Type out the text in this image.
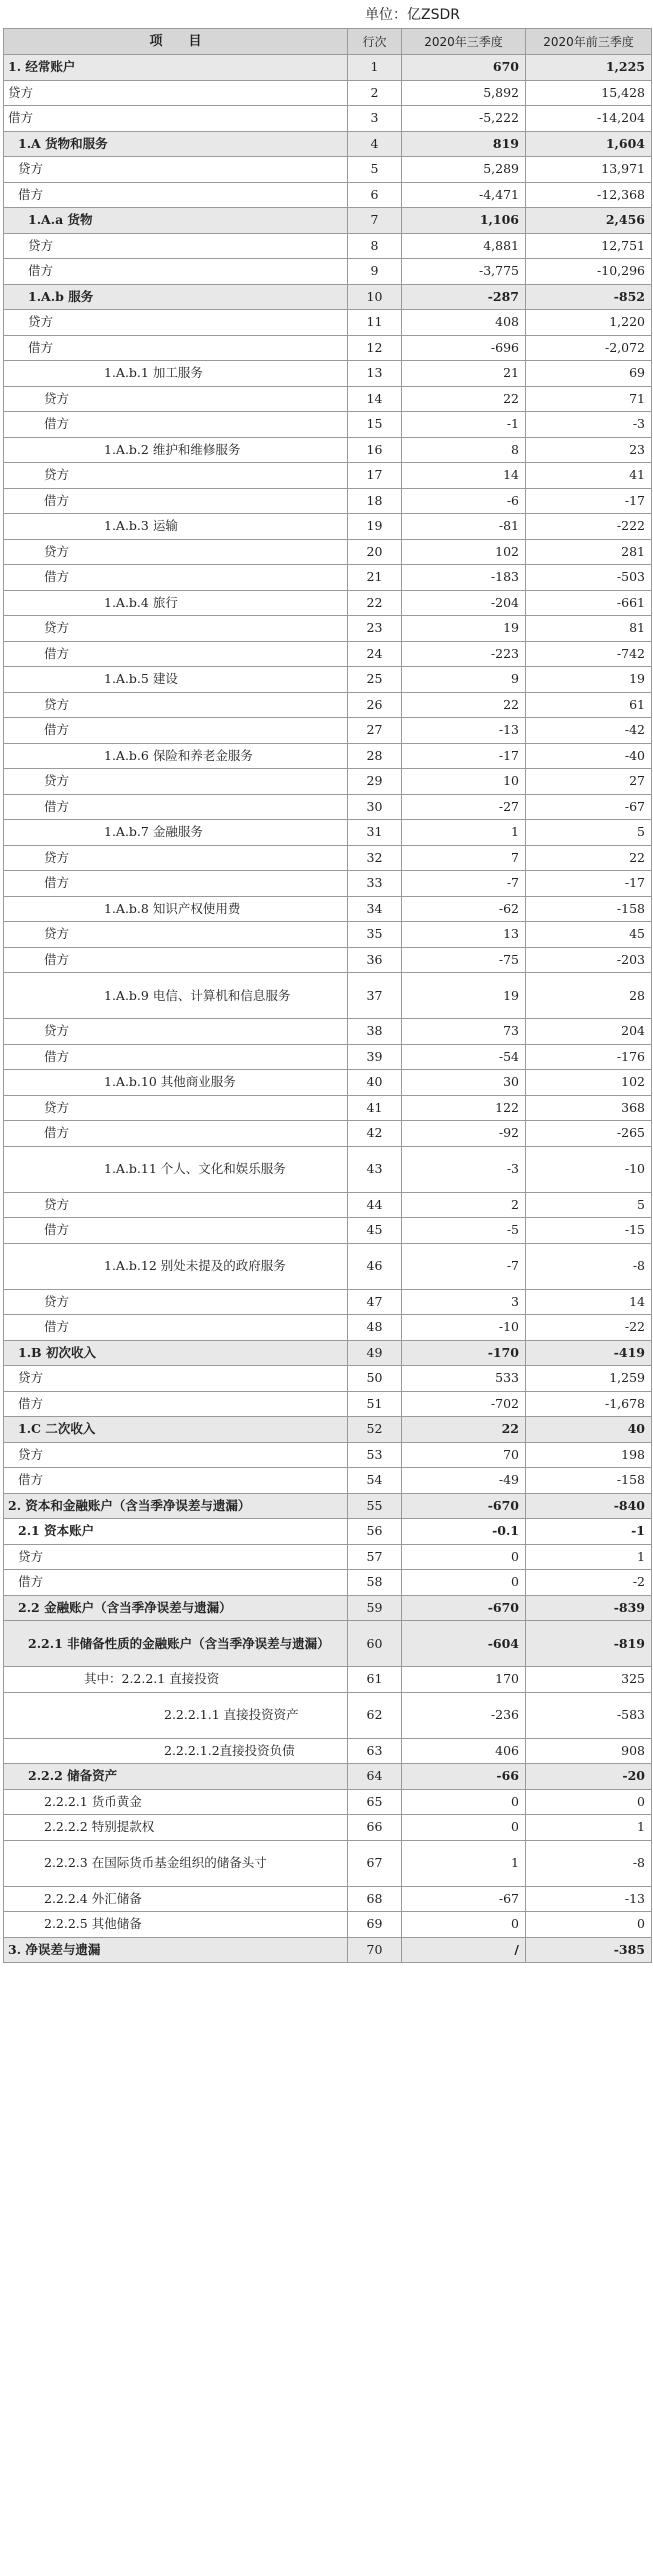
单位：亿ZSDR
项　　目	行次	2020年三季度	2020年前三季度
1. 经常账户	1	670	1,225
贷方	2	5,892	15,428
借方	3	-5,222	-14,204
1.A 货物和服务	4	819	1,604
贷方	5	5,289	13,971
借方	6	-4,471	-12,368
1.A.a 货物	7	1,106	2,456
贷方	8	4,881	12,751
借方	9	-3,775	-10,296
1.A.b 服务	10	-287	-852
贷方	11	408	1,220
借方	12	-696	-2,072
1.A.b.1 加工服务	13	21	69
贷方	14	22	71
借方	15	-1	-3
1.A.b.2 维护和维修服务	16	8	23
贷方	17	14	41
借方	18	-6	-17
1.A.b.3 运输	19	-81	-222
贷方	20	102	281
借方	21	-183	-503
1.A.b.4 旅行	22	-204	-661
贷方	23	19	81
借方	24	-223	-742
1.A.b.5 建设	25	9	19
贷方	26	22	61
借方	27	-13	-42
1.A.b.6 保险和养老金服务	28	-17	-40
贷方	29	10	27
借方	30	-27	-67
1.A.b.7 金融服务	31	1	5
贷方	32	7	22
借方	33	-7	-17
1.A.b.8 知识产权使用费	34	-62	-158
贷方	35	13	45
借方	36	-75	-203
1.A.b.9 电信、计算机和信息服务	37	19	28
贷方	38	73	204
借方	39	-54	-176
1.A.b.10 其他商业服务	40	30	102
贷方	41	122	368
借方	42	-92	-265
1.A.b.11 个人、文化和娱乐服务	43	-3	-10
贷方	44	2	5
借方	45	-5	-15
1.A.b.12 别处未提及的政府服务	46	-7	-8
贷方	47	3	14
借方	48	-10	-22
1.B 初次收入	49	-170	-419
贷方	50	533	1,259
借方	51	-702	-1,678
1.C 二次收入	52	22	40
贷方	53	70	198
借方	54	-49	-158
2. 资本和金融账户（含当季净误差与遗漏）	55	-670	-840
2.1 资本账户	56	-0.1	-1
贷方	57	0	1
借方	58	0	-2
2.2 金融账户（含当季净误差与遗漏）	59	-670	-839
2.2.1 非储备性质的金融账户（含当季净误差与遗漏）	60	-604	-819
其中：2.2.2.1 直接投资	61	170	325
2.2.2.1.1 直接投资资产	62	-236	-583
2.2.2.1.2直接投资负债	63	406	908
2.2.2 储备资产	64	-66	-20
2.2.2.1 货币黄金	65	0	0
2.2.2.2 特别提款权	66	0	1
2.2.2.3 在国际货币基金组织的储备头寸	67	1	-8
2.2.2.4 外汇储备	68	-67	-13
2.2.2.5 其他储备	69	0	0
3. 净误差与遗漏	70	/	-385
